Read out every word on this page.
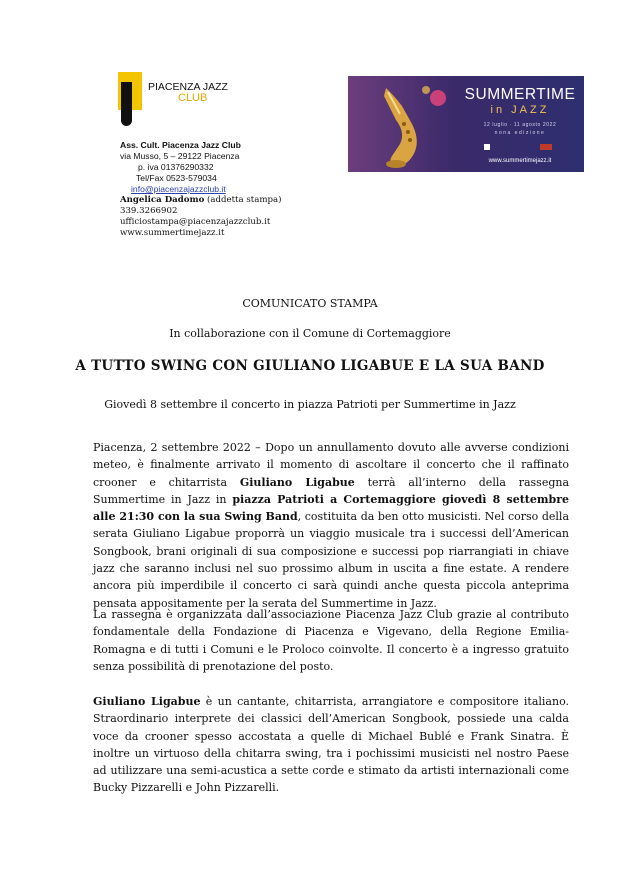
PIACENZA JAZZ
CLUB
Ass. Cult. Piacenza Jazz Club
via Musso, 5 – 29122 Piacenza
p. iva 01376290332
Tel/Fax 0523-579034
info@piacenzajazzclub.it
Angelica Dadomo (addetta stampa)
339.3266902
ufficiostampa@piacenzajazzclub.it
www.summertimejazz.it
SUMMERTIME
in JAZZ
12 luglio · 11 agosto 2022
nona edizione
www.summertimejazz.it
COMUNICATO STAMPA
In collaborazione con il Comune di Cortemaggiore
A TUTTO SWING CON GIULIANO LIGABUE E LA SUA BAND
Giovedì 8 settembre il concerto in piazza Patrioti per Summertime in Jazz

Piacenza, 2 settembre 2022 – Dopo un annullamento dovuto alle avverse condizioni meteo, è finalmente arrivato il momento di ascoltare il concerto che il raffinato crooner e chitarrista Giuliano Ligabue terrà all’interno della rassegna Summertime in Jazz in piazza Patrioti a Cortemaggiore giovedì 8 settembre alle 21:30 con la sua Swing Band, costituita da ben otto musicisti. Nel corso della serata Giuliano Ligabue proporrà un viaggio musicale tra i successi dell’American Songbook, brani originali di sua composizione e successi pop riarrangiati in chiave jazz che saranno inclusi nel suo prossimo album in uscita a fine estate. A rendere ancora più imperdibile il concerto ci sarà quindi anche questa piccola anteprima pensata appositamente per la serata del Summertime in Jazz.

La rassegna è organizzata dall’associazione Piacenza Jazz Club grazie al contributo fondamentale della Fondazione di Piacenza e Vigevano, della Regione Emilia-Romagna e di tutti i Comuni e le Proloco coinvolte. Il concerto è a ingresso gratuito senza possibilità di prenotazione del posto.

Giuliano Ligabue è un cantante, chitarrista, arrangiatore e compositore italiano. Straordinario interprete dei classici dell’American Songbook, possiede una calda voce da crooner spesso accostata a quelle di Michael Bublé e Frank Sinatra. È inoltre un virtuoso della chitarra swing, tra i pochissimi musicisti nel nostro Paese ad utilizzare una semi-acustica a sette corde e stimato da artisti internazionali come Bucky Pizzarelli e John Pizzarelli.
